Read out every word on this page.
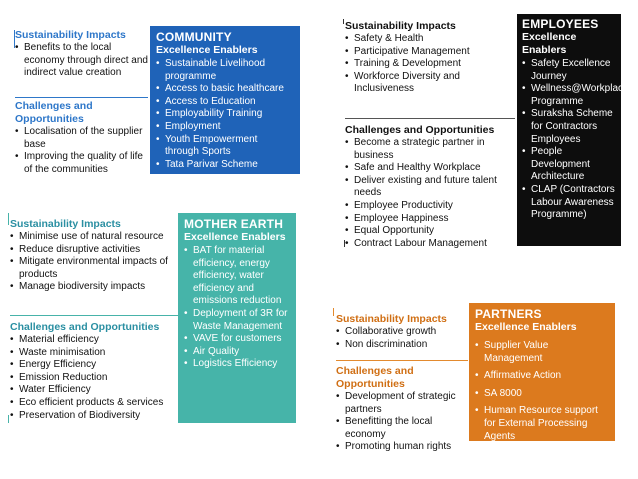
Sustainability Impacts
• Benefits to the local economy through direct and indirect value creation
Challenges and Opportunities
• Localisation of the supplier base
• Improving the quality of life of the communities
COMMUNITY
Excellence Enablers
• Sustainable Livelihood programme
• Access to basic healthcare
• Access to Education
• Employability Training
• Employment
• Youth Empowerment through Sports
• Tata Parivar Scheme
Sustainability Impacts
• Safety & Health
• Participative Management
• Training & Development
• Workforce Diversity and Inclusiveness
Challenges and Opportunities
• Become a strategic partner in business
• Safe and Healthy Workplace
• Deliver existing and future talent needs
• Employee Productivity
• Employee Happiness
• Equal Opportunity
• Contract Labour Management
EMPLOYEES
Excellence Enablers
• Safety Excellence Journey
• Wellness@Workplace Programme
• Suraksha Scheme for Contractors Employees
• People Development Architecture
• CLAP (Contractors Labour Awareness Programme)
Sustainability Impacts
• Minimise use of natural resource
• Reduce disruptive activities
• Mitigate environmental impacts of products
• Manage biodiversity impacts
Challenges and Opportunities
• Material efficiency
• Waste minimisation
• Energy Efficiency
• Emission Reduction
• Water Efficiency
• Eco efficient products & services
• Preservation of Biodiversity
MOTHER EARTH
Excellence Enablers
• BAT for material efficiency, energy efficiency, water efficiency and emissions reduction
• Deployment of 3R for Waste Management
• VAVE for customers
• Air Quality
• Logistics Efficiency
Sustainability Impacts
• Collaborative growth
• Non discrimination
Challenges and Opportunities
• Development of strategic partners
• Benefitting the local economy
• Promoting human rights
PARTNERS
Excellence Enablers
• Supplier Value Management
• Affirmative Action
• SA 8000
• Human Resource support for External Processing Agents
